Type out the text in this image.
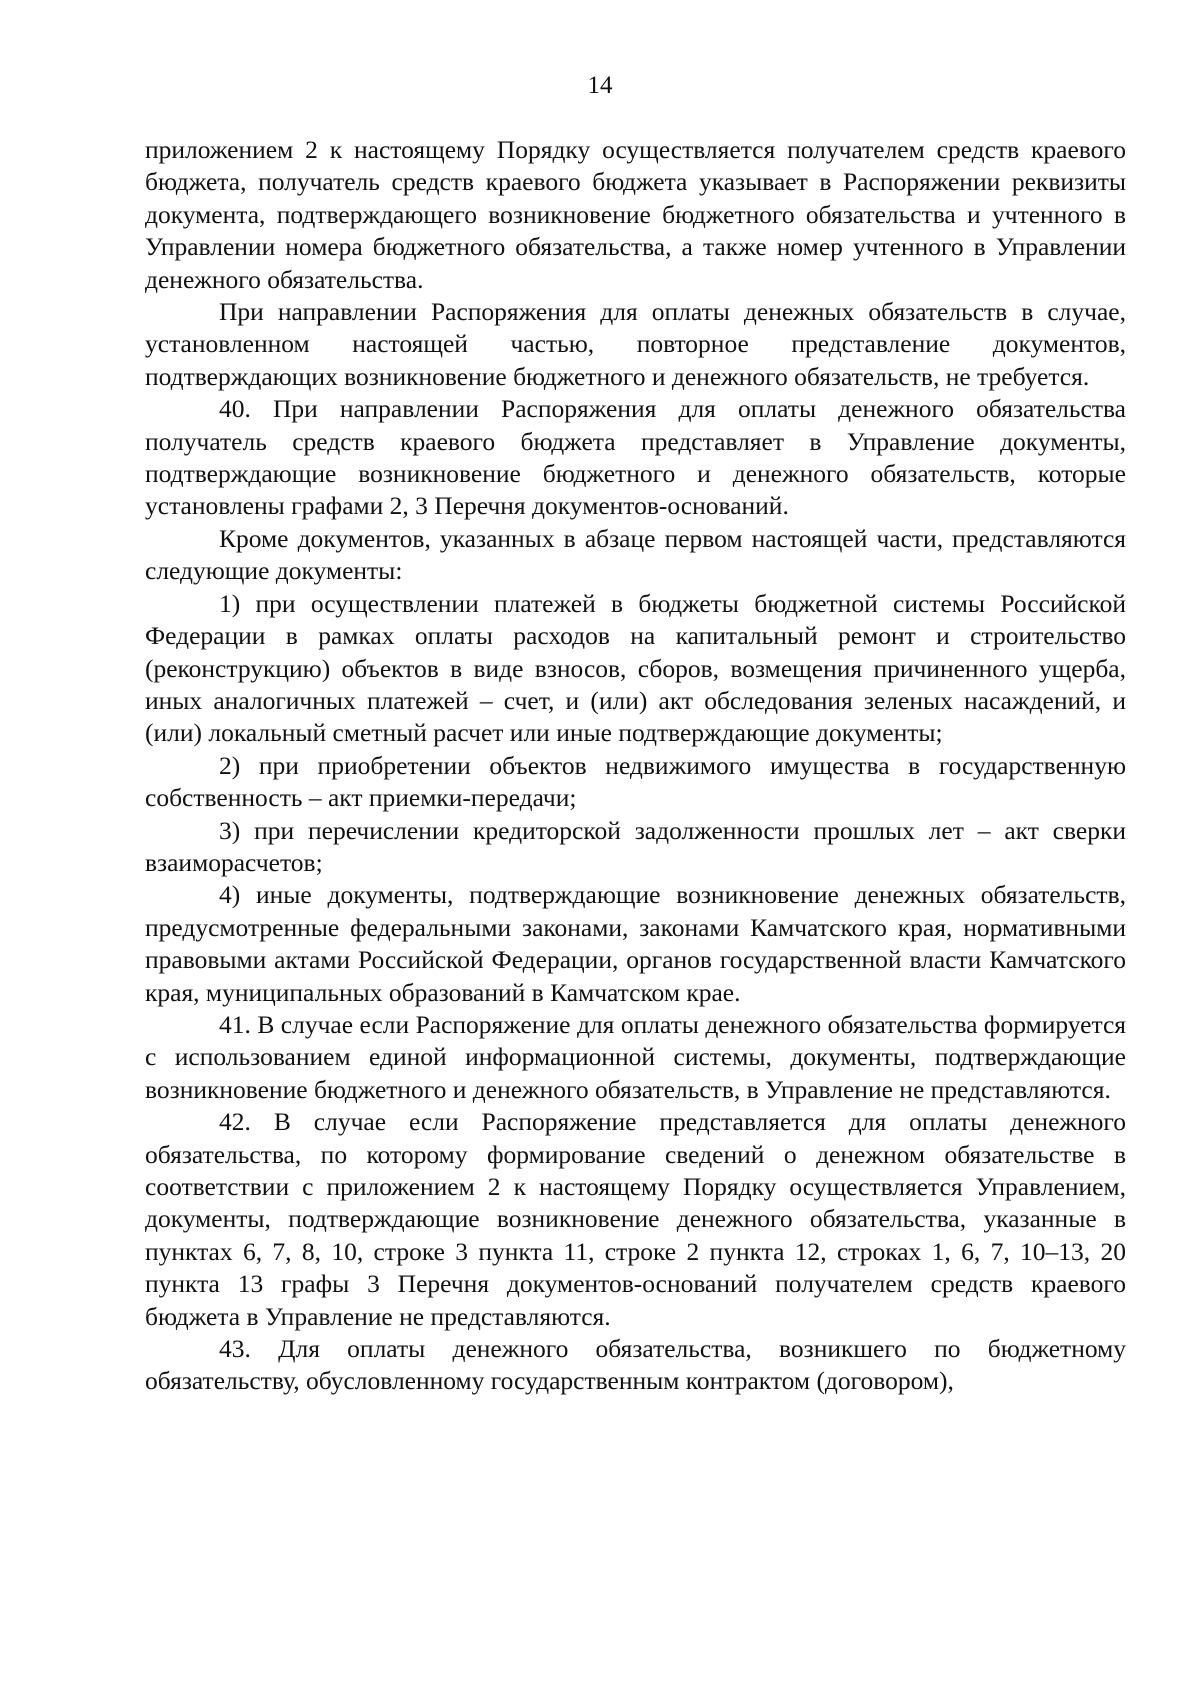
14

приложением 2 к настоящему Порядку осуществляется получателем средств краевого бюджета, получатель средств краевого бюджета указывает в Распоряжении реквизиты документа, подтверждающего возникновение бюджетного обязательства и учтенного в Управлении номера бюджетного обязательства, а также номер учтенного в Управлении денежного обязательства.

При направлении Распоряжения для оплаты денежных обязательств в случае, установленном настоящей частью, повторное представление документов, подтверждающих возникновение бюджетного и денежного обязательств, не требуется.

40. При направлении Распоряжения для оплаты денежного обязательства получатель средств краевого бюджета представляет в Управление документы, подтверждающие возникновение бюджетного и денежного обязательств, которые установлены графами 2, 3 Перечня документов-оснований.

Кроме документов, указанных в абзаце первом настоящей части, представляются следующие документы:

1) при осуществлении платежей в бюджеты бюджетной системы Российской Федерации в рамках оплаты расходов на капитальный ремонт и строительство (реконструкцию) объектов в виде взносов, сборов, возмещения причиненного ущерба, иных аналогичных платежей – счет, и (или) акт обследования зеленых насаждений, и (или) локальный сметный расчет или иные подтверждающие документы;

2) при приобретении объектов недвижимого имущества в государственную собственность – акт приемки-передачи;

3) при перечислении кредиторской задолженности прошлых лет – акт сверки взаиморасчетов;

4) иные документы, подтверждающие возникновение денежных обязательств, предусмотренные федеральными законами, законами Камчатского края, нормативными правовыми актами Российской Федерации, органов государственной власти Камчатского края, муниципальных образований в Камчатском крае.

41. В случае если Распоряжение для оплаты денежного обязательства формируется с использованием единой информационной системы, документы, подтверждающие возникновение бюджетного и денежного обязательств, в Управление не представляются.

42. В случае если Распоряжение представляется для оплаты денежного обязательства, по которому формирование сведений о денежном обязательстве в соответствии с приложением 2 к настоящему Порядку осуществляется Управлением, документы, подтверждающие возникновение денежного обязательства, указанные в пунктах 6, 7, 8, 10, строке 3 пункта 11, строке 2 пункта 12, строках 1, 6, 7, 10–13, 20 пункта 13 графы 3 Перечня документов-оснований получателем средств краевого бюджета в Управление не представляются.

43. Для оплаты денежного обязательства, возникшего по бюджетному обязательству, обусловленному государственным контрактом (договором),
